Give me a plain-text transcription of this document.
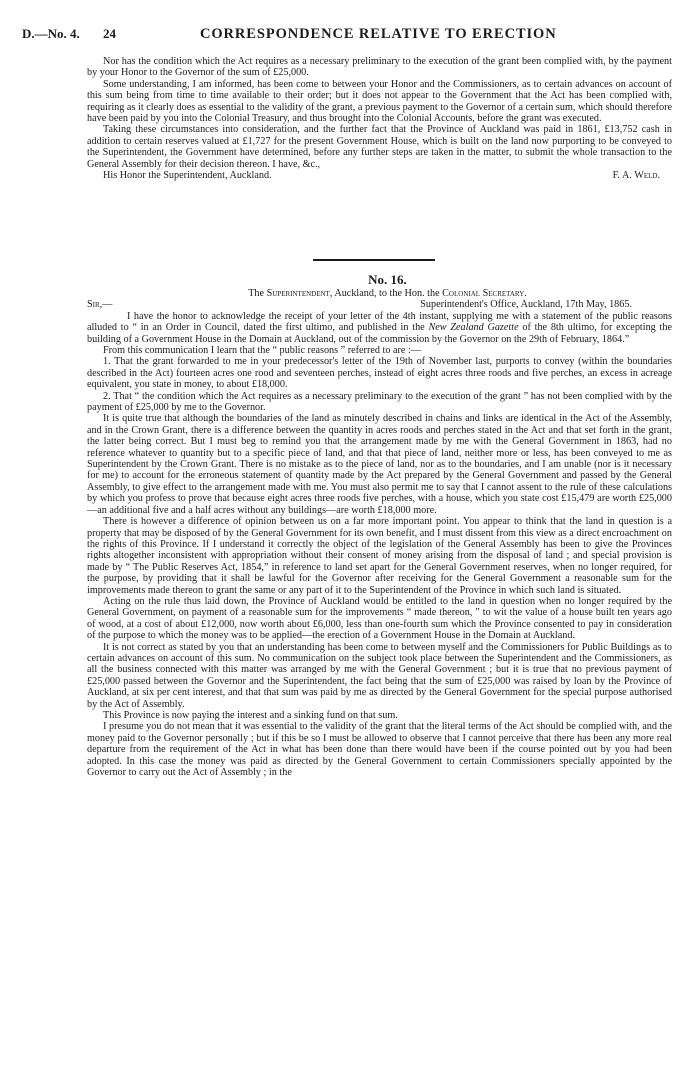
D.—No. 4. 24	CORRESPONDENCE RELATIVE TO ERECTION

Nor has the condition which the Act requires as a necessary preliminary to the execution of the grant been complied with, by the payment by your Honor to the Governor of the sum of £25,000.

Some understanding, I am informed, has been come to between your Honor and the Commissioners, as to certain advances on account of this sum being from time to time available to their order; but it does not appear to the Government that the Act has been complied with, requiring as it clearly does as essential to the validity of the grant, a previous payment to the Governor of a certain sum, which should therefore have been paid by you into the Colonial Treasury, and thus brought into the Colonial Accounts, before the grant was executed.

Taking these circumstances into consideration, and the further fact that the Province of Auckland was paid in 1861, £13,752 cash in addition to certain reserves valued at £1,727 for the present Government House, which is built on the land now purporting to be conveyed to the Superintendent, the Government have determined, before any further steps are taken in the matter, to submit the whole transaction to the General Assembly for their decision thereon. I have, &c.,

His Honor the Superintendent, Auckland.	F. A. Weld.

No. 16.

The Superintendent, Auckland, to the Hon. the Colonial Secretary.

Sir,—	Superintendent's Office, Auckland, 17th May, 1865.

I have the honor to acknowledge the receipt of your letter of the 4th instant, supplying me with a statement of the public reasons alluded to “ in an Order in Council, dated the first ultimo, and published in the New Zealand Gazette of the 8th ultimo, for excepting the building of a Government House in the Domain at Auckland, out of the commission by the Governor on the 29th of February, 1864.”

From this communication I learn that the “ public reasons ” referred to are :—

1. That the grant forwarded to me in your predecessor's letter of the 19th of November last, purports to convey (within the boundaries described in the Act) fourteen acres one rood and seventeen perches, instead of eight acres three roods and five perches, an excess in acreage equivalent, you state in money, to about £18,000.

2. That “ the condition which the Act requires as a necessary preliminary to the execution of the grant ” has not been complied with by the payment of £25,000 by me to the Governor.

It is quite true that although the boundaries of the land as minutely described in chains and links are identical in the Act of the Assembly, and in the Crown Grant, there is a difference between the quantity in acres roods and perches stated in the Act and that set forth in the grant, the latter being correct. But I must beg to remind you that the arrangement made by me with the General Government in 1863, had no reference whatever to quantity but to a specific piece of land, and that that piece of land, neither more or less, has been conveyed to me as Superintendent by the Crown Grant. There is no mistake as to the piece of land, nor as to the boundaries, and I am unable (nor is it necessary for me) to account for the erroneous statement of quantity made by the Act prepared by the General Government and passed by the General Assembly, to give effect to the arrangement made with me. You must also permit me to say that I cannot assent to the rule of these calculations by which you profess to prove that because eight acres three roods five perches, with a house, which you state cost £15,479 are worth £25,000—an additional five and a half acres without any buildings—are worth £18,000 more.

There is however a difference of opinion between us on a far more important point. You appear to think that the land in question is a property that may be disposed of by the General Government for its own benefit, and I must dissent from this view as a direct encroachment on the rights of this Province. If I understand it correctly the object of the legislation of the General Assembly has been to give the Provinces rights altogether inconsistent with appropriation without their consent of money arising from the disposal of land ; and special provision is made by “ The Public Reserves Act, 1854,” in reference to land set apart for the General Government reserves, when no longer required, for the purpose, by providing that it shall be lawful for the Governor after receiving for the General Government a reasonable sum for the improvements made thereon to grant the same or any part of it to the Superintendent of the Province in which such land is situated.

Acting on the rule thus laid down, the Province of Auckland would be entitled to the land in question when no longer required by the General Government, on payment of a reasonable sum for the improvements “ made thereon, ” to wit the value of a house built ten years ago of wood, at a cost of about £12,000, now worth about £6,000, less than one-fourth sum which the Province consented to pay in consideration of the purpose to which the money was to be applied—the erection of a Government House in the Domain at Auckland.

It is not correct as stated by you that an understanding has been come to between myself and the Commissioners for Public Buildings as to certain advances on account of this sum. No communication on the subject took place between the Superintendent and the Commissioners, as all the business connected with this matter was arranged by me with the General Government ; but it is true that no previous payment of £25,000 passed between the Governor and the Superintendent, the fact being that the sum of £25,000 was raised by loan by the Province of Auckland, at six per cent interest, and that that sum was paid by me as directed by the General Government for the special purpose authorised by the Act of Assembly.

This Province is now paying the interest and a sinking fund on that sum.

I presume you do not mean that it was essential to the validity of the grant that the literal terms of the Act should be complied with, and the money paid to the Governor personally ; but if this be so I must be allowed to observe that I cannot perceive that there has been any more real departure from the requirement of the Act in what has been done than there would have been if the course pointed out by you had been adopted. In this case the money was paid as directed by the General Government to certain Commissioners specially appointed by the Governor to carry out the Act of Assembly ; in the
